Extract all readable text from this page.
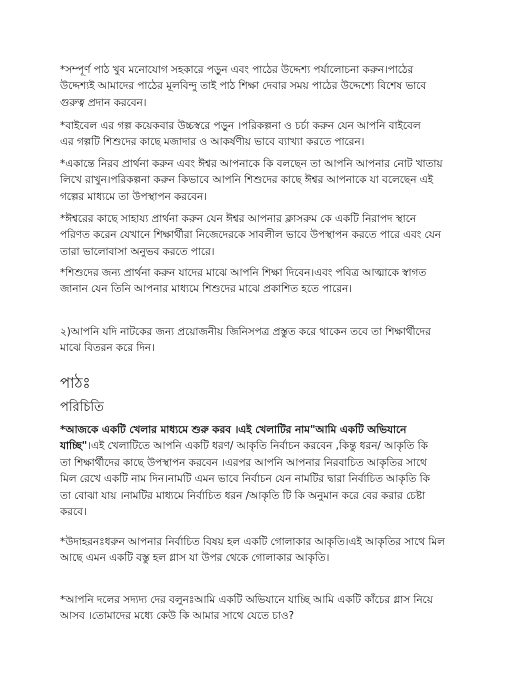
*সম্পূর্ণ পাঠ খুব মনোযোগ সহকারে পড়ুন এবং পাঠের উদ্দেশ্য পর্যালোচনা করুন।পাঠের
উদ্দেশ্যই আমাদের পাঠের মূলবিন্দু তাই পাঠ শিক্ষা দেবার সময় পাঠের উদ্দেশ্যে বিশেষ ভাবে
গুরুত্ব প্রদান করবেন।

*বাইবেল এর গল্প কয়েকবার উচ্চস্বরে পড়ুন ।পরিকল্পনা ও চর্চা করুন যেন আপনি বাইবেল
এর গল্পটি শিশুদের কাছে মজাদার ও আকর্ষণীয় ভাবে ব্যাখ্যা করতে পারেন।

*একান্তে নিরব প্রার্থনা করুন এবং ঈশ্বর আপনাকে কি বলছেন তা আপনি আপনার নোট খাতায়
লিখে রাখুন।পরিকল্পনা করুন কিভাবে আপনি শিশুদের কাছে ঈশ্বর আপনাকে যা বলেছেন এই
গল্পের মাধ্যমে তা উপস্থাপন করবেন।

*ঈশ্বরের কাছে সাহায্য প্রার্থনা করুন যেন ঈশ্বর আপনার ক্লাসরুম কে একটি নিরাপদ স্থানে
পরিণত করেন যেখানে শিক্ষার্থীরা নিজেদেরকে সাবলীল ভাবে উপস্থাপন করতে পারে এবং যেন
তারা ভালোবাসা অনুভব করতে পারে।

*শিশুদের জন্য প্রার্থনা করুন যাদের মাঝে আপনি শিক্ষা দিবেন।এবং পবিত্র আত্মাকে স্বাগত
জানান যেন তিনি আপনার মাধ্যমে শিশুদের মাঝে প্রকাশিত হতে পারেন।

২)আপনি যদি নাটকের জন্য প্রয়োজনীয় জিনিসপত্র প্রস্তুত করে থাকেন তবে তা শিক্ষার্থীদের
মাঝে বিতরন করে দিন।

পাঠঃ
পরিচিতি

*আজকে একটি খেলার মাধ্যমে শুরু করব ।এই খেলাটির নাম"আমি একটি অভিযানে
যাচ্ছি"।এই খেলাটিতে আপনি একটি ধরণ/ আকৃতি নির্বাচন করবেন ,কিন্তু ধরন/ আকৃতি কি
তা শিক্ষার্থীদের কাছে উপস্থাপন করবেন ।এরপর আপনি আপনার নিরবাচিত আকৃতির সাথে
মিল রেখে একটি নাম দিন।নামটি এমন ভাবে নির্বাচন যেন নামটির দ্বারা নির্বাচিত আকৃতি কি
তা বোঝা যায় ।নামটির মাধ্যমে নির্বাচিত ধরন /আকৃতি টি কি অনুমান করে বের করার চেষ্টা
করবে।

*উদাহরনঃধরুন আপনার নির্বাচিত বিষয় হল একটি গোলাকার আকৃতি।এই আকৃতির সাথে মিল
আছে এমন একটি বস্তু হল গ্লাস যা উপর থেকে গোলাকার আকৃতি।

*আপনি দলের সদ্যদ্য দের বলুনঃআমি একটি অভিযানে যাচ্ছি আমি একটি কাঁচের গ্লাস নিয়ে
আসব ।তোমাদের মধ্যে কেউ কি আমার সাথে যেতে চাও?
